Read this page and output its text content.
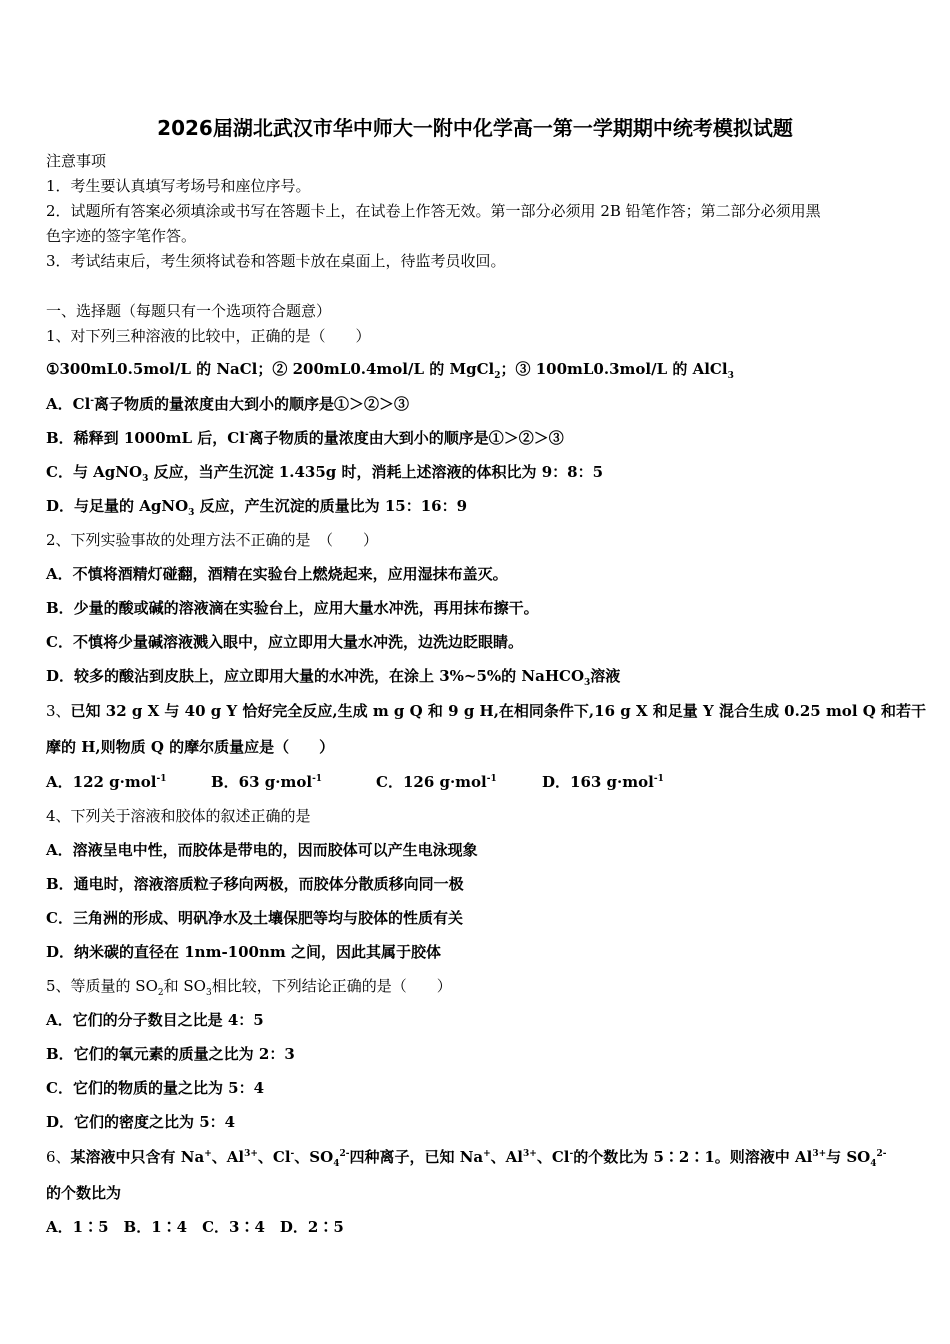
2026届湖北武汉市华中师大一附中化学高一第一学期期中统考模拟试题
注意事项
1．考生要认真填写考场号和座位序号。
2．试题所有答案必须填涂或书写在答题卡上，在试卷上作答无效。第一部分必须用 2B 铅笔作答；第二部分必须用黑
色字迹的签字笔作答。
3．考试结束后，考生须将试卷和答题卡放在桌面上，待监考员收回。
一、选择题（每题只有一个选项符合题意）
1、对下列三种溶液的比较中，正确的是（　　）
①300mL0.5mol/L 的 NaCl；② 200mL0.4mol/L 的 MgCl$_2$；③ 100mL0.3mol/L 的 AlCl$_3$
A．Cl-离子物质的量浓度由大到小的顺序是①＞②＞③
B．稀释到 1000mL 后，Cl-离子物质的量浓度由大到小的顺序是①＞②＞③
C．与 AgNO$_3$ 反应，当产生沉淀 1.435g 时，消耗上述溶液的体积比为 9：8：5
D．与足量的 AgNO$_3$ 反应，产生沉淀的质量比为 15：16：9
2、下列实验事故的处理方法不正确的是　（　　）
A．不慎将酒精灯碰翻，酒精在实验台上燃烧起来，应用湿抹布盖灭。
B．少量的酸或碱的溶液滴在实验台上，应用大量水冲洗，再用抹布擦干。
C．不慎将少量碱溶液溅入眼中，应立即用大量水冲洗，边洗边眨眼睛。
D．较多的酸沾到皮肤上，应立即用大量的水冲洗，在涂上 3%~5%的 NaHCO$_3$溶液
3、已知 32 g X 与 40 g Y 恰好完全反应,生成 m g Q 和 9 g H,在相同条件下,16 g X 和足量 Y 混合生成 0.25 mol Q 和若干
摩的 H,则物质 Q 的摩尔质量应是（　　）
A．122 g·mol$^{-1}$	B．63 g·mol$^{-1}$	C．126 g·mol$^{-1}$	D．163 g·mol$^{-1}$
4、下列关于溶液和胶体的叙述正确的是
A．溶液呈电中性，而胶体是带电的，因而胶体可以产生电泳现象
B．通电时，溶液溶质粒子移向两极，而胶体分散质移向同一极
C．三角洲的形成、明矾净水及土壤保肥等均与胶体的性质有关
D．纳米碳的直径在 1nm-100nm 之间，因此其属于胶体
5、等质量的 $SO_2$和 $SO_3$相比较，下列结论正确的是（　　）
A．它们的分子数目之比是 4：5
B．它们的氧元素的质量之比为 2：3
C．它们的物质的量之比为 5：4
D．它们的密度之比为 5：4
6、某溶液中只含有 Na+、$Al^{3+}$、Cl-、$SO_4^{2-}$四种离子，已知 Na+、$Al^{3+}$、Cl-的个数比为 5∶2∶1。则溶液中 $Al^{3+}$与 $SO_4^{2-}$
的个数比为
A．1∶5　B．1∶4　C．3∶4　D．2∶5
